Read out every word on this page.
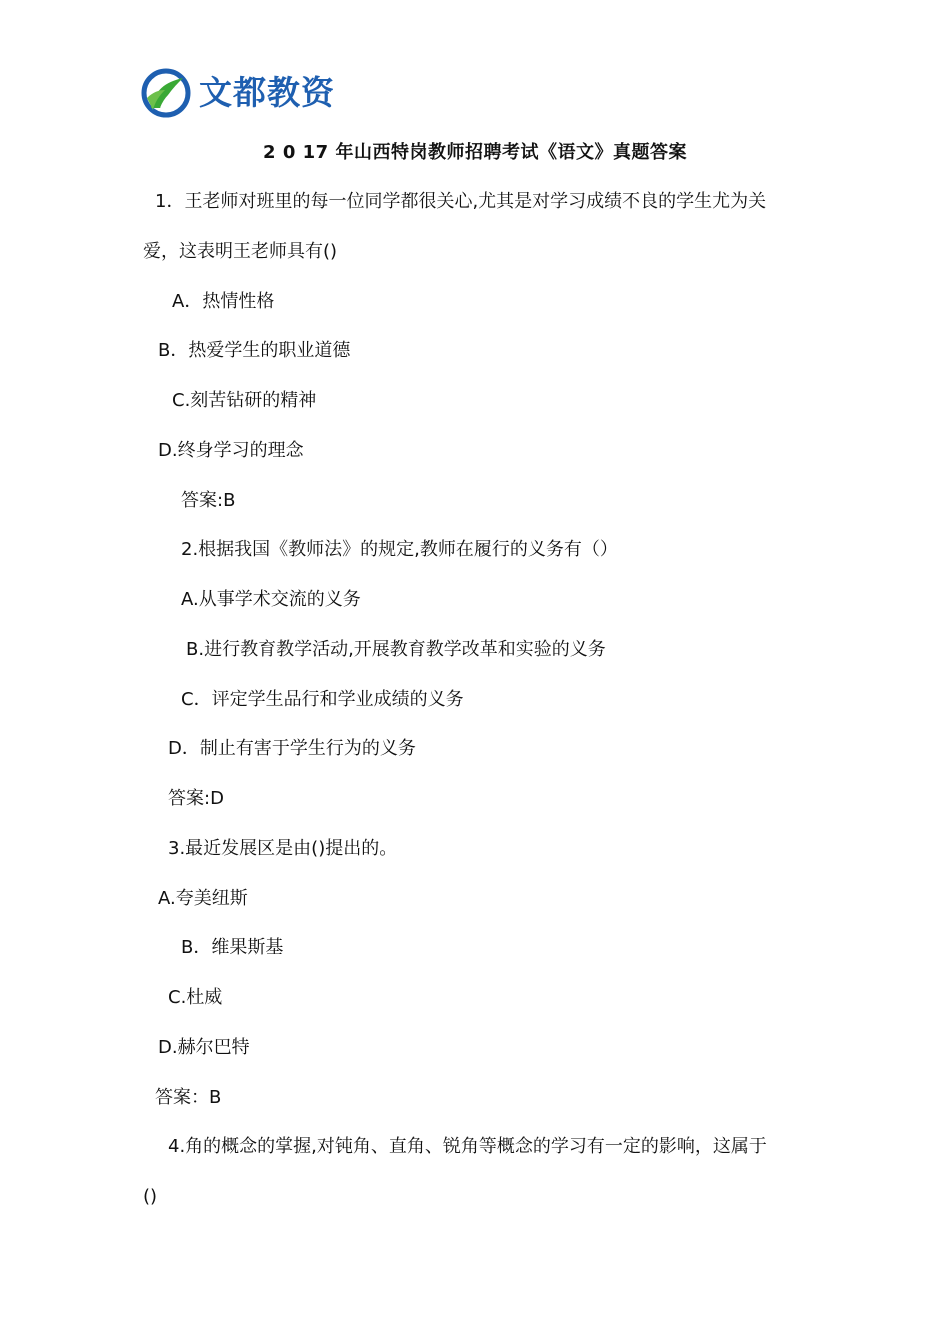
文都教资
2 0 17 年山西特岗教师招聘考试《语文》真题答案
1．王老师对班里的每一位同学都很关心,尤其是对学习成绩不良的学生尤为关
爱，这表明王老师具有()
A．热情性格
B．热爱学生的职业道德
C.刻苦钻研的精神
D.终身学习的理念
答案:B
2.根据我国《教师法》的规定,教师在履行的义务有（）
A.从事学术交流的义务
B.进行教育教学活动,开展教育教学改革和实验的义务
C．评定学生品行和学业成绩的义务
D．制止有害于学生行为的义务
答案:D
3.最近发展区是由()提出的。
A.夸美纽斯
B．维果斯基
C.杜威
D.赫尔巴特
答案：B
4.角的概念的掌握,对钝角、直角、锐角等概念的学习有一定的影响，这属于
()
